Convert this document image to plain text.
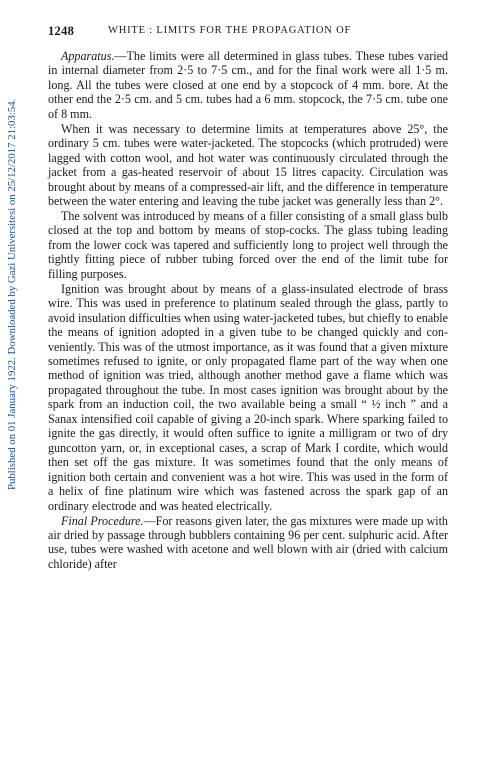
1248	WHITE : LIMITS FOR THE PROPAGATION OF
Published on 01 January 1922. Downloaded by Gazi Universitesi on 25/12/2017 21:03:54.

Apparatus.—The limits were all determined in glass tubes. These tubes varied in internal diameter from 2·5 to 7·5 cm., and for the final work were all 1·5 m. long. All the tubes were closed at one end by a stopcock of 4 mm. bore. At the other end the 2·5 cm. and 5 cm. tubes had a 6 mm. stopcock, the 7·5 cm. tube one of 8 mm.

When it was necessary to determine limits at temperatures above 25°, the ordinary 5 cm. tubes were water-jacketed. The stopcocks (which protruded) were lagged with cotton wool, and hot water was continuously circulated through the jacket from a gas-heated reservoir of about 15 litres capacity. Circulation was brought about by means of a compressed-air lift, and the difference in temperature between the water entering and leaving the tube jacket was generally less than 2°.

The solvent was introduced by means of a filler consisting of a small glass bulb closed at the top and bottom by means of stop-cocks. The glass tubing leading from the lower cock was tapered and sufficiently long to project well through the tightly fitting piece of rubber tubing forced over the end of the limit tube for filling purposes.

Ignition was brought about by means of a glass-insulated electrode of brass wire. This was used in preference to platinum sealed through the glass, partly to avoid insulation difficulties when using water-jacketed tubes, but chiefly to enable the means of ignition adopted in a given tube to be changed quickly and con-veniently. This was of the utmost importance, as it was found that a given mixture sometimes refused to ignite, or only propagated flame part of the way when one method of ignition was tried, although another method gave a flame which was propagated throughout the tube. In most cases ignition was brought about by the spark from an induction coil, the two available being a small “ ½ inch ” and a Sanax intensified coil capable of giving a 20-inch spark. Where sparking failed to ignite the gas directly, it would often suffice to ignite a milligram or two of dry guncotton yarn, or, in exceptional cases, a scrap of Mark I cordite, which would then set off the gas mixture. It was sometimes found that the only means of ignition both certain and convenient was a hot wire. This was used in the form of a helix of fine platinum wire which was fastened across the spark gap of an ordinary electrode and was heated electrically.

Final Procedure.—For reasons given later, the gas mixtures were made up with air dried by passage through bubblers containing 96 per cent. sulphuric acid. After use, tubes were washed with acetone and well blown with air (dried with calcium chloride) after
